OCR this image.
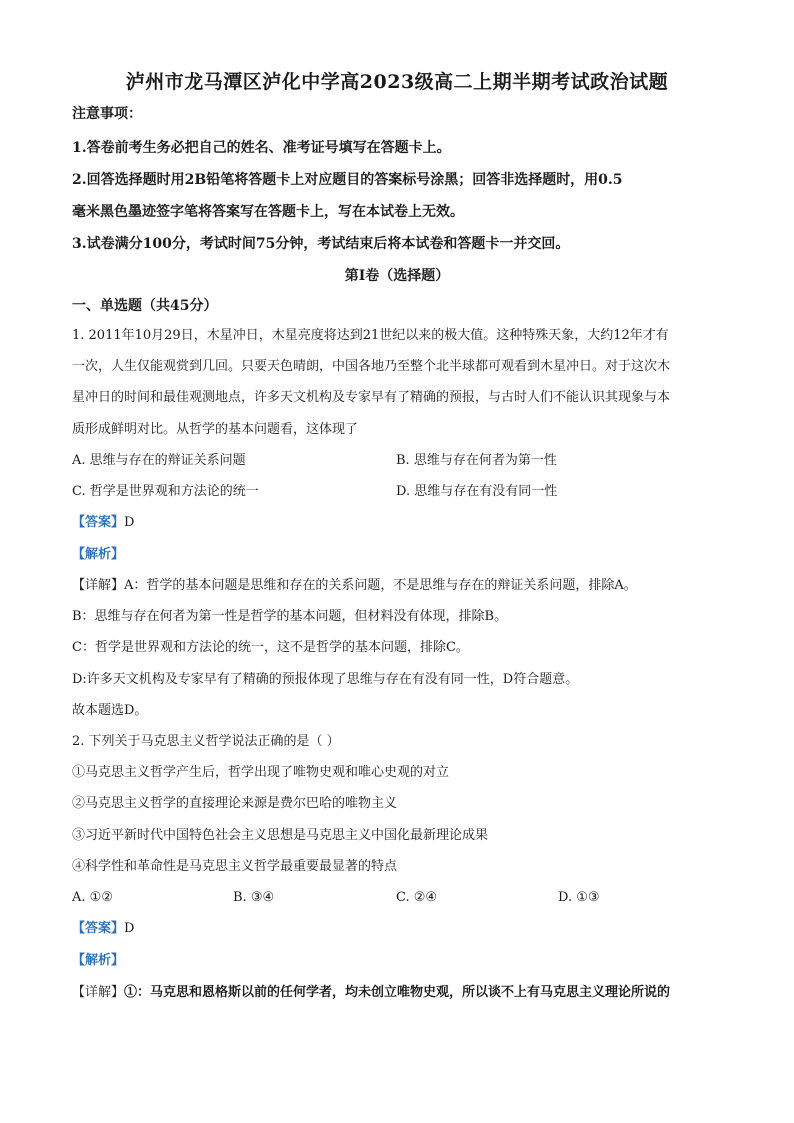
泸州市龙马潭区泸化中学高2023级高二上期半期考试政治试题
注意事项：
1.答卷前考生务必把自己的姓名、准考证号填写在答题卡上。
2.回答选择题时用2B铅笔将答题卡上对应题目的答案标号涂黑；回答非选择题时，用0.5
毫米黑色墨迹签字笔将答案写在答题卡上，写在本试卷上无效。
3.试卷满分100分，考试时间75分钟，考试结束后将本试卷和答题卡一并交回。
第Ⅰ卷（选择题）
一、单选题（共45分）
1. 2011年10月29日，木星冲日，木星亮度将达到21世纪以来的极大值。这种特殊天象，大约12年才有
一次，人生仅能观赏到几回。只要天色晴朗，中国各地乃至整个北半球都可观看到木星冲日。对于这次木
星冲日的时间和最佳观测地点，许多天文机构及专家早有了精确的预报，与古时人们不能认识其现象与本
质形成鲜明对比。从哲学的基本问题看，这体现了
A. 思维与存在的辩证关系问题	B. 思维与存在何者为第一性
C. 哲学是世界观和方法论的统一	D. 思维与存在有没有同一性
【答案】D
【解析】
【详解】A：哲学的基本问题是思维和存在的关系问题，不是思维与存在的辩证关系问题，排除A。
B：思维与存在何者为第一性是哲学的基本问题，但材料没有体现，排除B。
C：哲学是世界观和方法论的统一，这不是哲学的基本问题，排除C。
D:许多天文机构及专家早有了精确的预报体现了思维与存在有没有同一性，D符合题意。
故本题选D。
2. 下列关于马克思主义哲学说法正确的是（ ）
①马克思主义哲学产生后，哲学出现了唯物史观和唯心史观的对立
②马克思主义哲学的直接理论来源是费尔巴哈的唯物主义
③习近平新时代中国特色社会主义思想是马克思主义中国化最新理论成果
④科学性和革命性是马克思主义哲学最重要最显著的特点
A. ①②	B. ③④	C. ②④	D. ①③
【答案】D
【解析】
【详解】①：马克思和恩格斯以前的任何学者，均未创立唯物史观，所以谈不上有马克思主义理论所说的
